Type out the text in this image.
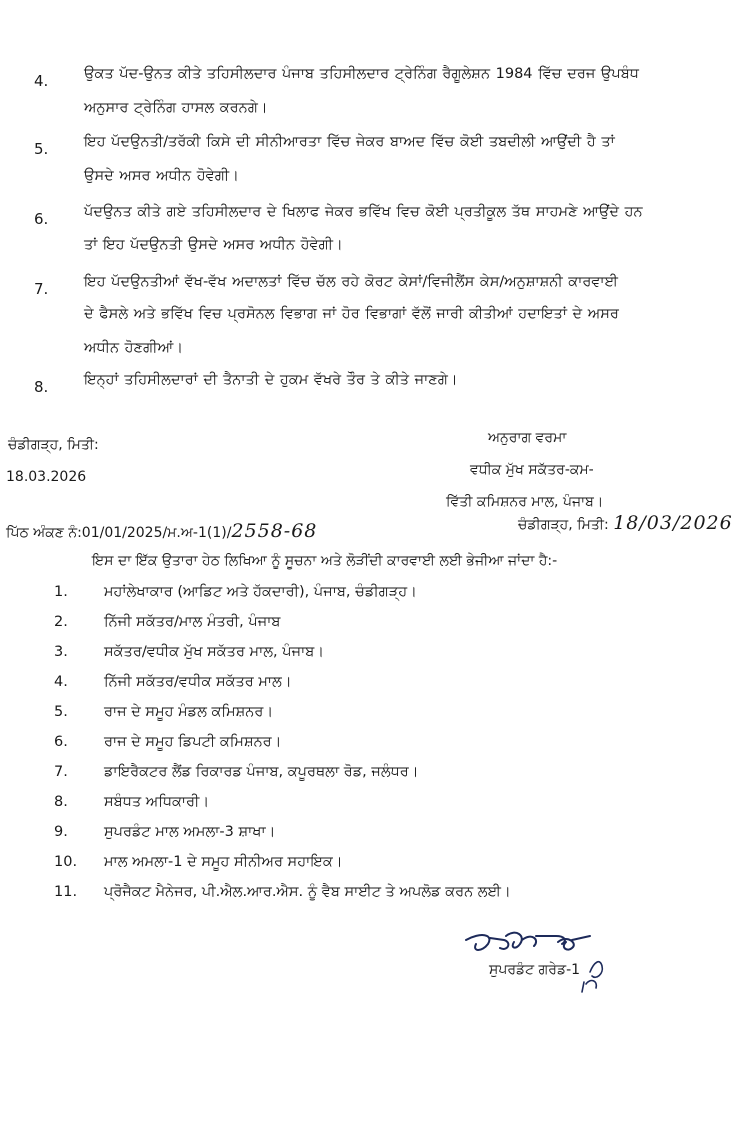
4. ਉਕਤ ਪੱਦ-ਉਨਤ ਕੀਤੇ ਤਹਿਸੀਲਦਾਰ ਪੰਜਾਬ ਤਹਿਸੀਲਦਾਰ ਟ੍ਰੇਨਿੰਗ ਰੈਗੂਲੇਸ਼ਨ 1984 ਵਿੱਚ ਦਰਜ ਉਪਬੰਧ
ਅਨੁਸਾਰ ਟ੍ਰੇਨਿੰਗ ਹਾਸਲ ਕਰਨਗੇ।
5. ਇਹ ਪੱਦਉਨਤੀ/ਤਰੱਕੀ ਕਿਸੇ ਦੀ ਸੀਨੀਆਰਤਾ ਵਿੱਚ ਜੇਕਰ ਬਾਅਦ ਵਿੱਚ ਕੋਈ ਤਬਦੀਲੀ ਆਉਂਦੀ ਹੈ ਤਾਂ
ਉਸਦੇ ਅਸਰ ਅਧੀਨ ਹੋਵੇਗੀ।
6. ਪੱਦਉਨਤ ਕੀਤੇ ਗਏ ਤਹਿਸੀਲਦਾਰ ਦੇ ਖਿਲਾਫ ਜੇਕਰ ਭਵਿੱਖ ਵਿਚ ਕੋਈ ਪ੍ਰਤੀਕੂਲ ਤੱਥ ਸਾਹਮਣੇ ਆਉਂਦੇ ਹਨ
ਤਾਂ ਇਹ ਪੱਦਉਨਤੀ ਉਸਦੇ ਅਸਰ ਅਧੀਨ ਹੋਵੇਗੀ।
7. ਇਹ ਪੱਦਉਨਤੀਆਂ ਵੱਖ-ਵੱਖ ਅਦਾਲਤਾਂ ਵਿੱਚ ਚੱਲ ਰਹੇ ਕੋਰਟ ਕੇਸਾਂ/ਵਿਜੀਲੈਂਸ ਕੇਸ/ਅਨੁਸ਼ਾਸ਼ਨੀ ਕਾਰਵਾਈ
ਦੇ ਫੈਸਲੇ ਅਤੇ ਭਵਿੱਖ ਵਿਚ ਪ੍ਰਸੋਨਲ ਵਿਭਾਗ ਜਾਂ ਹੋਰ ਵਿਭਾਗਾਂ ਵੱਲੋਂ ਜਾਰੀ ਕੀਤੀਆਂ ਹਦਾਇਤਾਂ ਦੇ ਅਸਰ
ਅਧੀਨ ਹੋਣਗੀਆਂ।
8. ਇਨ੍ਹਾਂ ਤਹਿਸੀਲਦਾਰਾਂ ਦੀ ਤੈਨਾਤੀ ਦੇ ਹੁਕਮ ਵੱਖਰੇ ਤੌਰ ਤੇ ਕੀਤੇ ਜਾਣਗੇ।
ਚੰਡੀਗੜ੍ਹ, ਮਿਤੀ:
18.03.2026
ਅਨੁਰਾਗ ਵਰਮਾ
ਵਧੀਕ ਮੁੱਖ ਸਕੱਤਰ-ਕਮ-
ਵਿੱਤੀ ਕਮਿਸ਼ਨਰ ਮਾਲ, ਪੰਜਾਬ।
ਪਿੱਠ ਅੰਕਣ ਨੰ:01/01/2025/ਮ.ਅ-1(1)/2558-68	ਚੰਡੀਗੜ੍ਹ, ਮਿਤੀ: 18/03/2026
ਇਸ ਦਾ ਇੱਕ ਉਤਾਰਾ ਹੇਠ ਲਿਖਿਆ ਨੂੰ ਸੂਚਨਾ ਅਤੇ ਲੋੜੀਂਦੀ ਕਾਰਵਾਈ ਲਈ ਭੇਜੀਆ ਜਾਂਦਾ ਹੈ:-
1. ਮਹਾਂਲੇਖਾਕਾਰ (ਆਡਿਟ ਅਤੇ ਹੱਕਦਾਰੀ), ਪੰਜਾਬ, ਚੰਡੀਗੜ੍ਹ।
2. ਨਿੱਜੀ ਸਕੱਤਰ/ਮਾਲ ਮੰਤਰੀ, ਪੰਜਾਬ
3. ਸਕੱਤਰ/ਵਧੀਕ ਮੁੱਖ ਸਕੱਤਰ ਮਾਲ, ਪੰਜਾਬ।
4. ਨਿੱਜੀ ਸਕੱਤਰ/ਵਧੀਕ ਸਕੱਤਰ ਮਾਲ।
5. ਰਾਜ ਦੇ ਸਮੂਹ ਮੰਡਲ ਕਮਿਸ਼ਨਰ।
6. ਰਾਜ ਦੇ ਸਮੂਹ ਡਿਪਟੀ ਕਮਿਸ਼ਨਰ।
7. ਡਾਇਰੈਕਟਰ ਲੈਂਡ ਰਿਕਾਰਡ ਪੰਜਾਬ, ਕਪੂਰਥਲਾ ਰੋਡ, ਜਲੰਧਰ।
8. ਸਬੰਧਤ ਅਧਿਕਾਰੀ।
9. ਸੁਪਰਡੰਟ ਮਾਲ ਅਮਲਾ-3 ਸ਼ਾਖਾ।
10. ਮਾਲ ਅਮਲਾ-1 ਦੇ ਸਮੂਹ ਸੀਨੀਅਰ ਸਹਾਇਕ।
11. ਪ੍ਰੋਜੈਕਟ ਮੈਨੇਜਰ, ਪੀ.ਐਲ.ਆਰ.ਐਸ. ਨੂੰ ਵੈਬ ਸਾਈਟ ਤੇ ਅਪਲੋਡ ਕਰਨ ਲਈ।
ਸੁਪਰਡੰਟ ਗਰੇਡ-1
